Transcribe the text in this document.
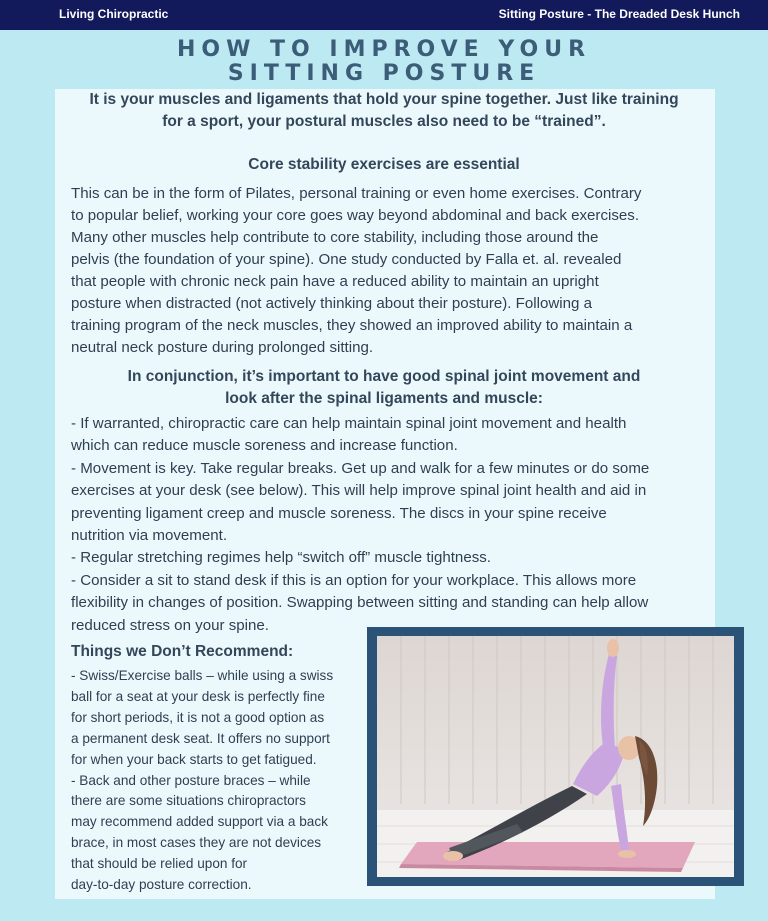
Living Chiropractic	Sitting Posture - The Dreaded Desk Hunch
HOW TO IMPROVE YOUR
SITTING POSTURE
It is your muscles and ligaments that hold your spine together. Just like training
for a sport, your postural muscles also need to be “trained”.
Core stability exercises are essential
This can be in the form of Pilates, personal training or even home exercises. Contrary
to popular belief, working your core goes way beyond abdominal and back exercises.
Many other muscles help contribute to core stability, including those around the
pelvis (the foundation of your spine). One study conducted by Falla et. al. revealed
that people with chronic neck pain have a reduced ability to maintain an upright
posture when distracted (not actively thinking about their posture). Following a
training program of the neck muscles, they showed an improved ability to maintain a
neutral neck posture during prolonged sitting.
In conjunction, it’s important to have good spinal joint movement and
look after the spinal ligaments and muscle:
- If warranted, chiropractic care can help maintain spinal joint movement and health
which can reduce muscle soreness and increase function.
- Movement is key. Take regular breaks. Get up and walk for a few minutes or do some
exercises at your desk (see below). This will help improve spinal joint health and aid in
preventing ligament creep and muscle soreness. The discs in your spine receive
nutrition via movement.
- Regular stretching regimes help “switch off” muscle tightness.
- Consider a sit to stand desk if this is an option for your workplace. This allows more
flexibility in changes of position. Swapping between sitting and standing can help allow
reduced stress on your spine.
Things we Don’t Recommend:
- Swiss/Exercise balls – while using a swiss
ball for a seat at your desk is perfectly fine
for short periods, it is not a good option as
a permanent desk seat. It offers no support
for when your back starts to get fatigued.
- Back and other posture braces – while
there are some situations chiropractors
may recommend added support via a back
brace, in most cases they are not devices
that should be relied upon for
day-to-day posture correction.
